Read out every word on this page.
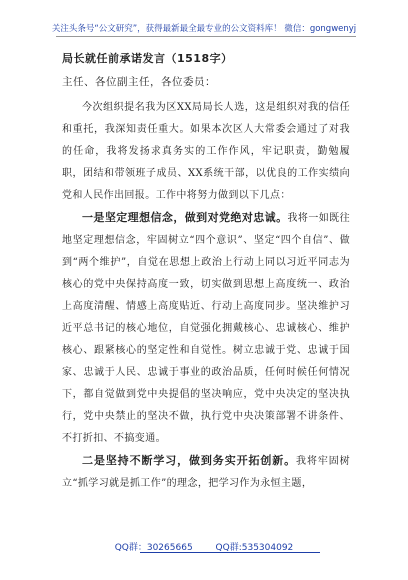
关注头条号“公文研究”，获得最新最全最专业的公文资料库！ 微信：gongwenyj
局长就任前承诺发言（1518字）
主任、各位副主任，各位委员：

今次组织提名我为区XX局局长人选，这是组织对我的信任和重托，我深知责任重大。如果本次区人大常委会通过了对我的任命，我将发扬求真务实的工作作风，牢记职责，勤勉履职，团结和带领班子成员、XX系统干部，以优良的工作实绩向党和人民作出回报。工作中将努力做到以下几点：

一是坚定理想信念，做到对党绝对忠诚。我将一如既往地坚定理想信念，牢固树立“四个意识”、坚定“四个自信”、做到“两个维护”，自觉在思想上政治上行动上同以习近平同志为核心的党中央保持高度一致，切实做到思想上高度统一、政治上高度清醒、情感上高度贴近、行动上高度同步。坚决维护习近平总书记的核心地位，自觉强化拥戴核心、忠诚核心、维护核心、跟紧核心的坚定性和自觉性。树立忠诚于党、忠诚于国家、忠诚于人民、忠诚于事业的政治品质，任何时候任何情况下，都自觉做到党中央提倡的坚决响应，党中央决定的坚决执行，党中央禁止的坚决不做，执行党中央决策部署不讲条件、不打折扣、不搞变通。

二是坚持不断学习，做到务实开拓创新。我将牢固树立“抓学习就是抓工作”的理念，把学习作为永恒主题，

QQ群：30265665	QQ群:535304092
